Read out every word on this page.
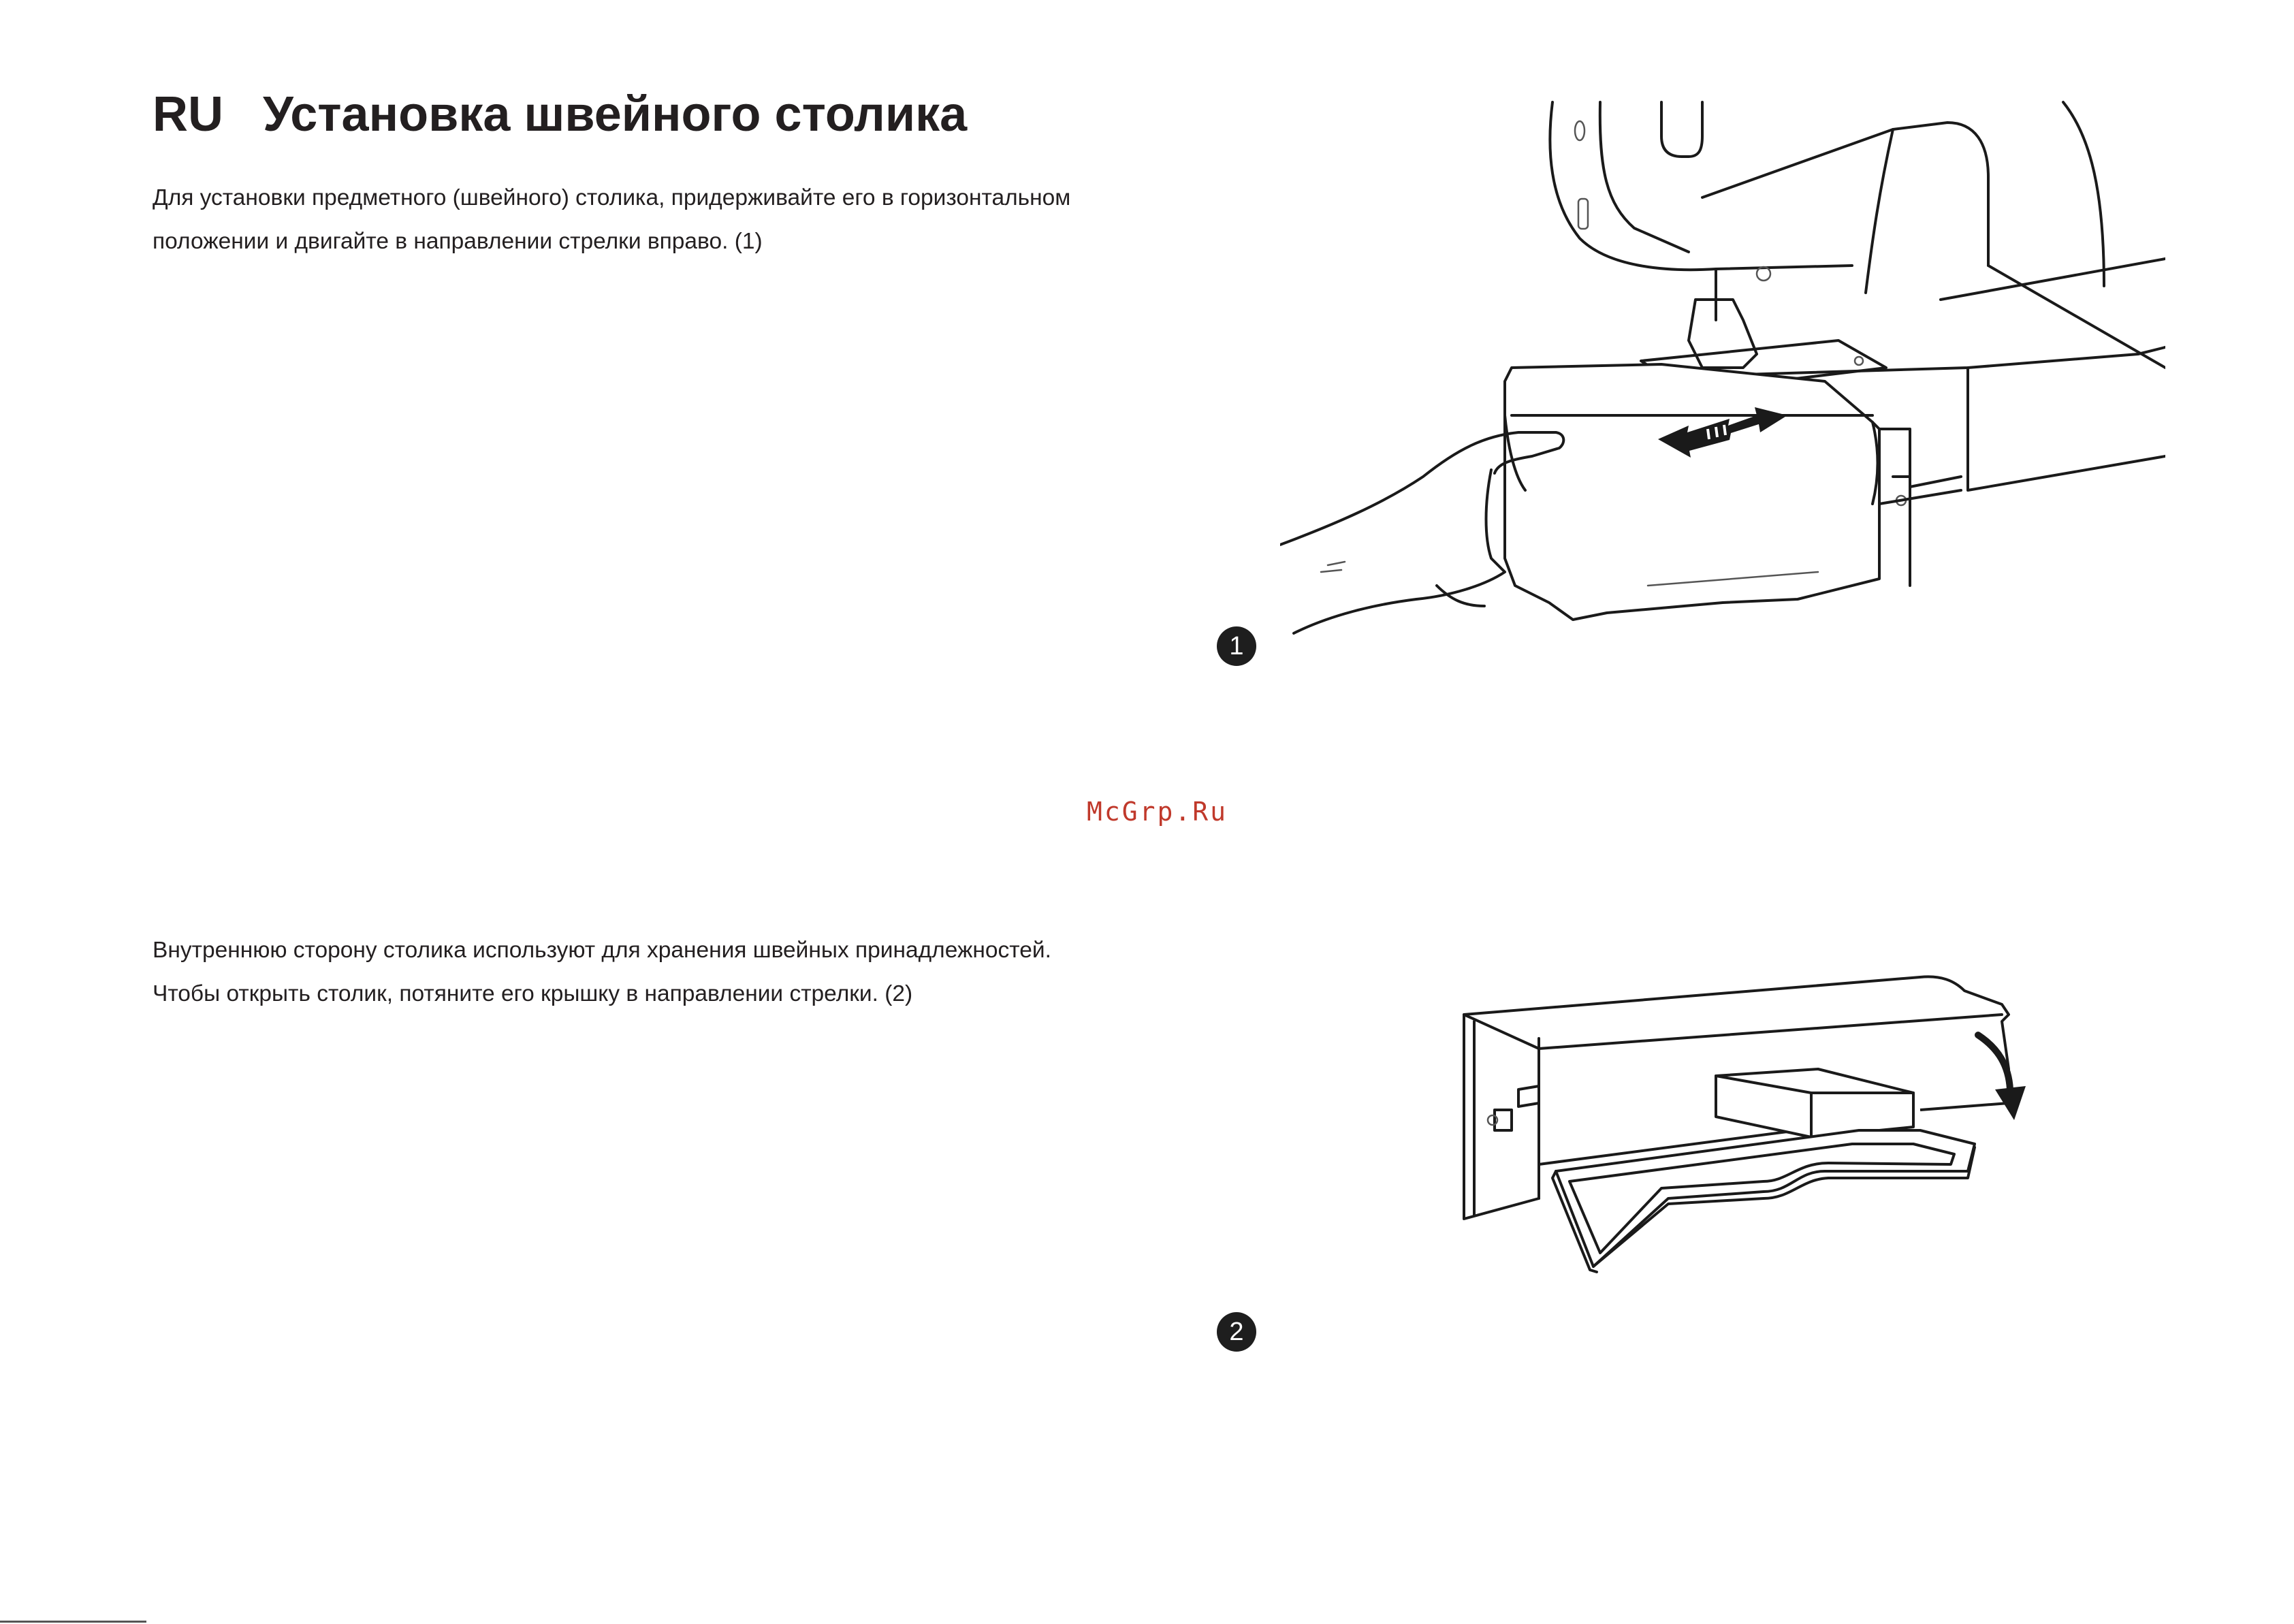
RU Установка швейного столика

Для установки предметного (швейного) столика, придерживайте его в горизонтальном

положении и двигайте в направлении стрелки вправо. (1)

1
McGrp.Ru

Внутреннюю сторону столика используют для хранения швейных принадлежностей.

Чтобы открыть столик, потяните его крышку в направлении стрелки. (2)

2
